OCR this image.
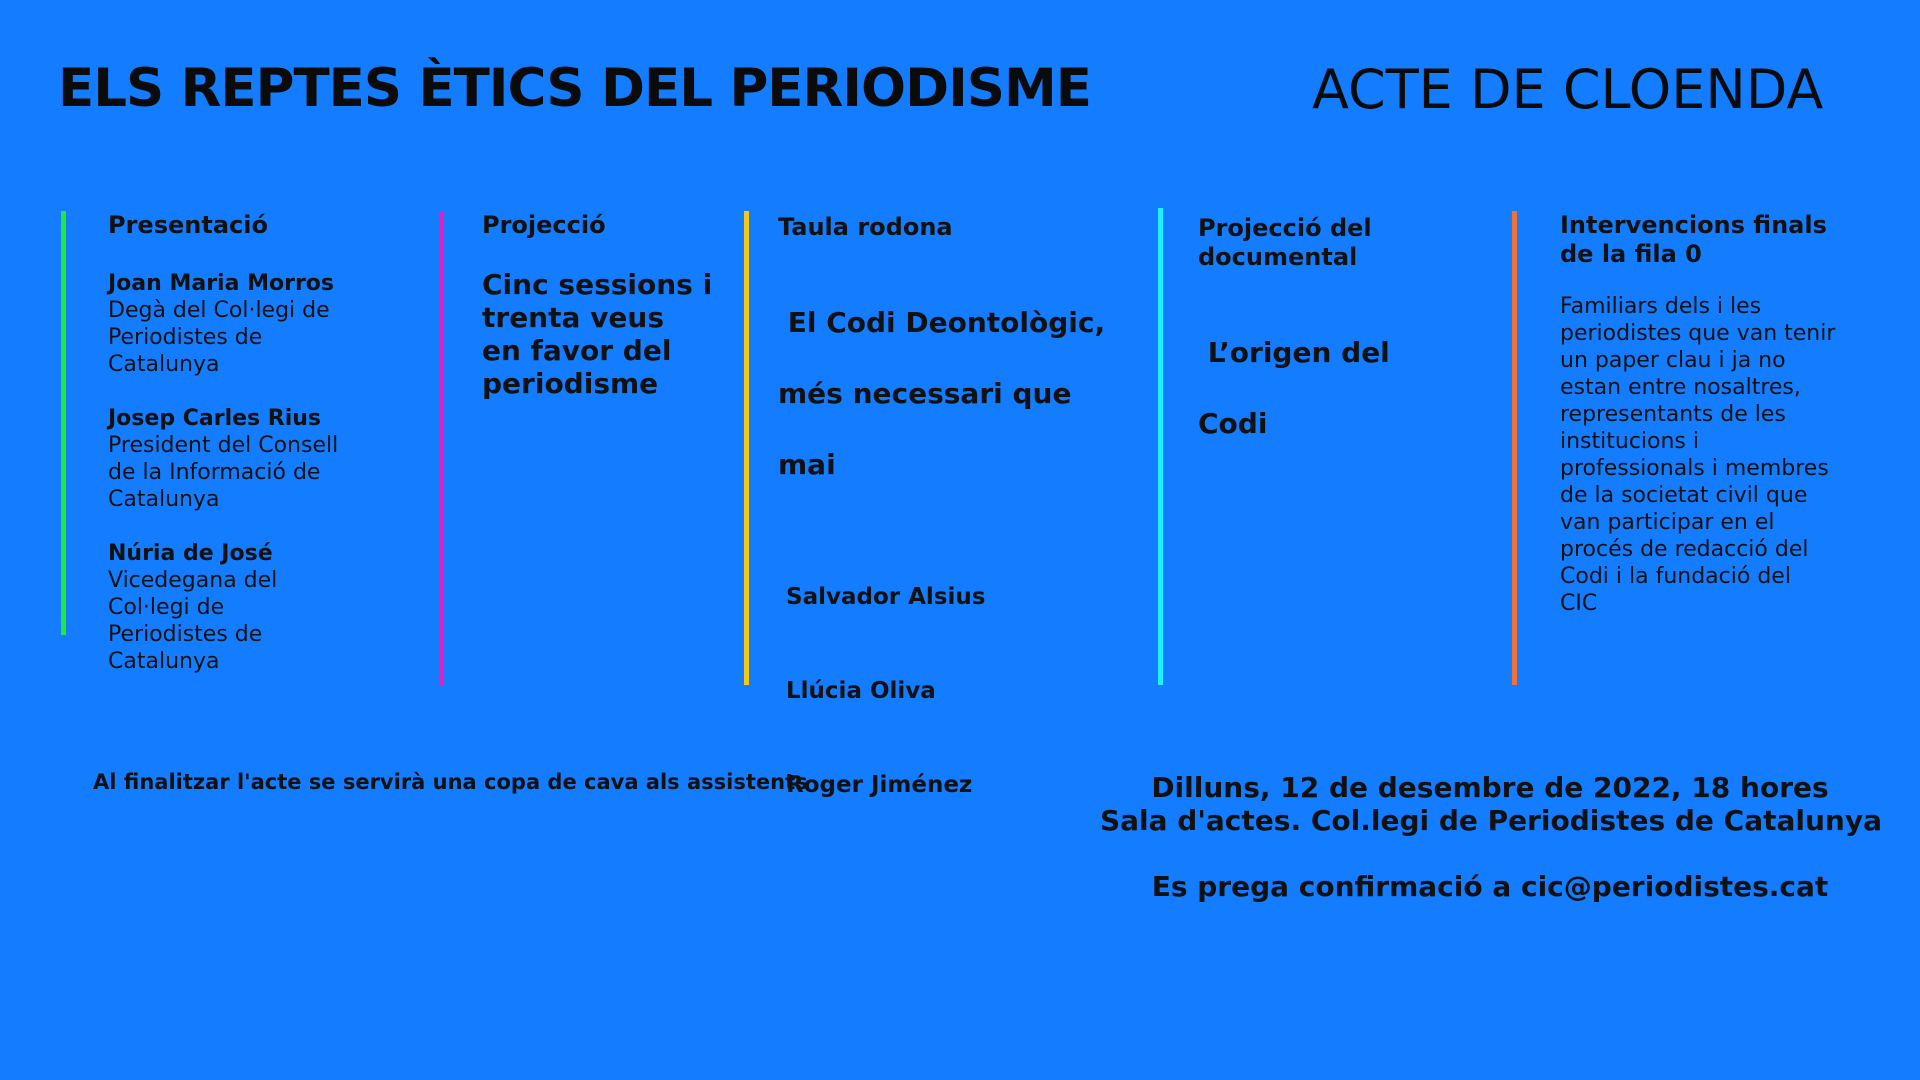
ELS REPTES ÈTICS DEL PERIODISME	ACTE DE CLOENDA

Presentació

Joan Maria Morros

Degà del Col·legi de

Periodistes de

Catalunya

Josep Carles Rius

President del Consell

de la Informació de

Catalunya

Núria de José

Vicedegana del

Col·legi de

Periodistes de

Catalunya

Projecció

Cinc sessions i

trenta veus

en favor del

periodisme

Taula rodona

El Codi Deontològic,

més necessari que

mai

Salvador Alsius

Llúcia Oliva

Roger Jiménez

Projecció del

documental

L’origen del

Codi

Intervencions finals

de la fila 0

Familiars dels i les

periodistes que van tenir

un paper clau i ja no

estan entre nosaltres,

representants de les

institucions i

professionals i membres

de la societat civil que

van participar en el

procés de redacció del

Codi i la fundació del

CIC

Al finalitzar l'acte se servirà una copa de cava als assistents	Dilluns, 12 de desembre de 2022, 18 hores
Sala d'actes. Col.legi de Periodistes de Catalunya
Es prega confirmació a cic@periodistes.cat
